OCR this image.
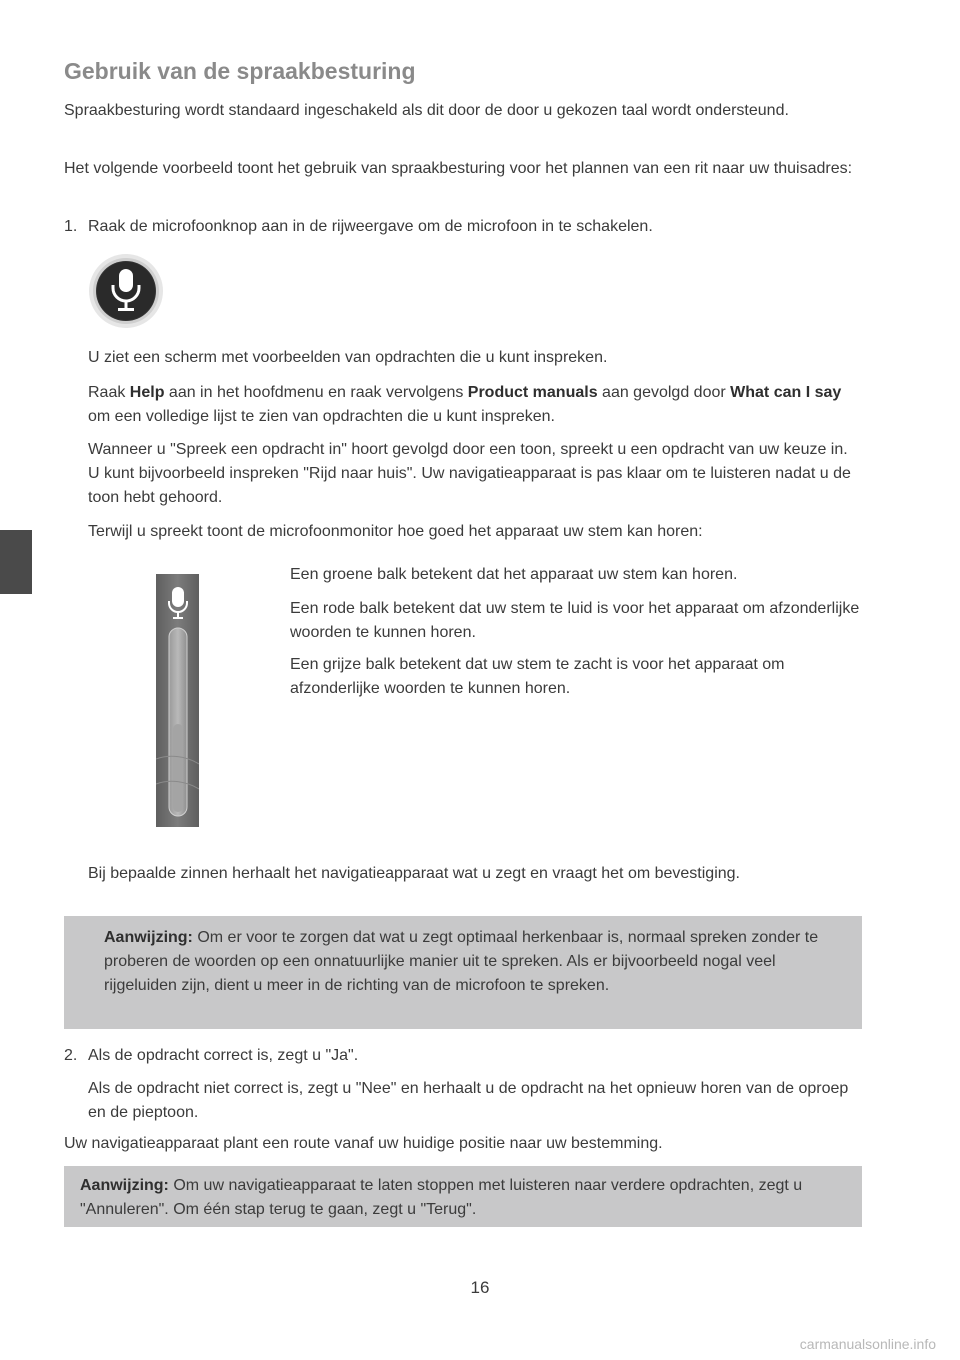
Gebruik van de spraakbesturing

Spraakbesturing wordt standaard ingeschakeld als dit door de door u gekozen taal wordt ondersteund.

Het volgende voorbeeld toont het gebruik van spraakbesturing voor het plannen van een rit naar uw thuisadres:

1. Raak de microfoonknop aan in de rijweergave om de microfoon in te schakelen.

U ziet een scherm met voorbeelden van opdrachten die u kunt inspreken.

Raak Help aan in het hoofdmenu en raak vervolgens Product manuals aan gevolgd door What can I say om een volledige lijst te zien van opdrachten die u kunt inspreken.

Wanneer u "Spreek een opdracht in" hoort gevolgd door een toon, spreekt u een opdracht van uw keuze in. U kunt bijvoorbeeld inspreken "Rijd naar huis". Uw navigatieapparaat is pas klaar om te luisteren nadat u de toon hebt gehoord.

Terwijl u spreekt toont de microfoonmonitor hoe goed het apparaat uw stem kan horen:

Een groene balk betekent dat het apparaat uw stem kan horen.

Een rode balk betekent dat uw stem te luid is voor het apparaat om afzonderlijke woorden te kunnen horen.

Een grijze balk betekent dat uw stem te zacht is voor het apparaat om afzonderlijke woorden te kunnen horen.

Bij bepaalde zinnen herhaalt het navigatieapparaat wat u zegt en vraagt het om bevestiging.

Aanwijzing: Om er voor te zorgen dat wat u zegt optimaal herkenbaar is, normaal spreken zonder te proberen de woorden op een onnatuurlijke manier uit te spreken. Als er bijvoorbeeld nogal veel rijgeluiden zijn, dient u meer in de richting van de microfoon te spreken.

2. Als de opdracht correct is, zegt u "Ja".

Als de opdracht niet correct is, zegt u "Nee" en herhaalt u de opdracht na het opnieuw horen van de oproep en de pieptoon.

Uw navigatieapparaat plant een route vanaf uw huidige positie naar uw bestemming.

Aanwijzing: Om uw navigatieapparaat te laten stoppen met luisteren naar verdere opdrachten, zegt u "Annuleren". Om één stap terug te gaan, zegt u "Terug".

16
carmanualsonline.info
